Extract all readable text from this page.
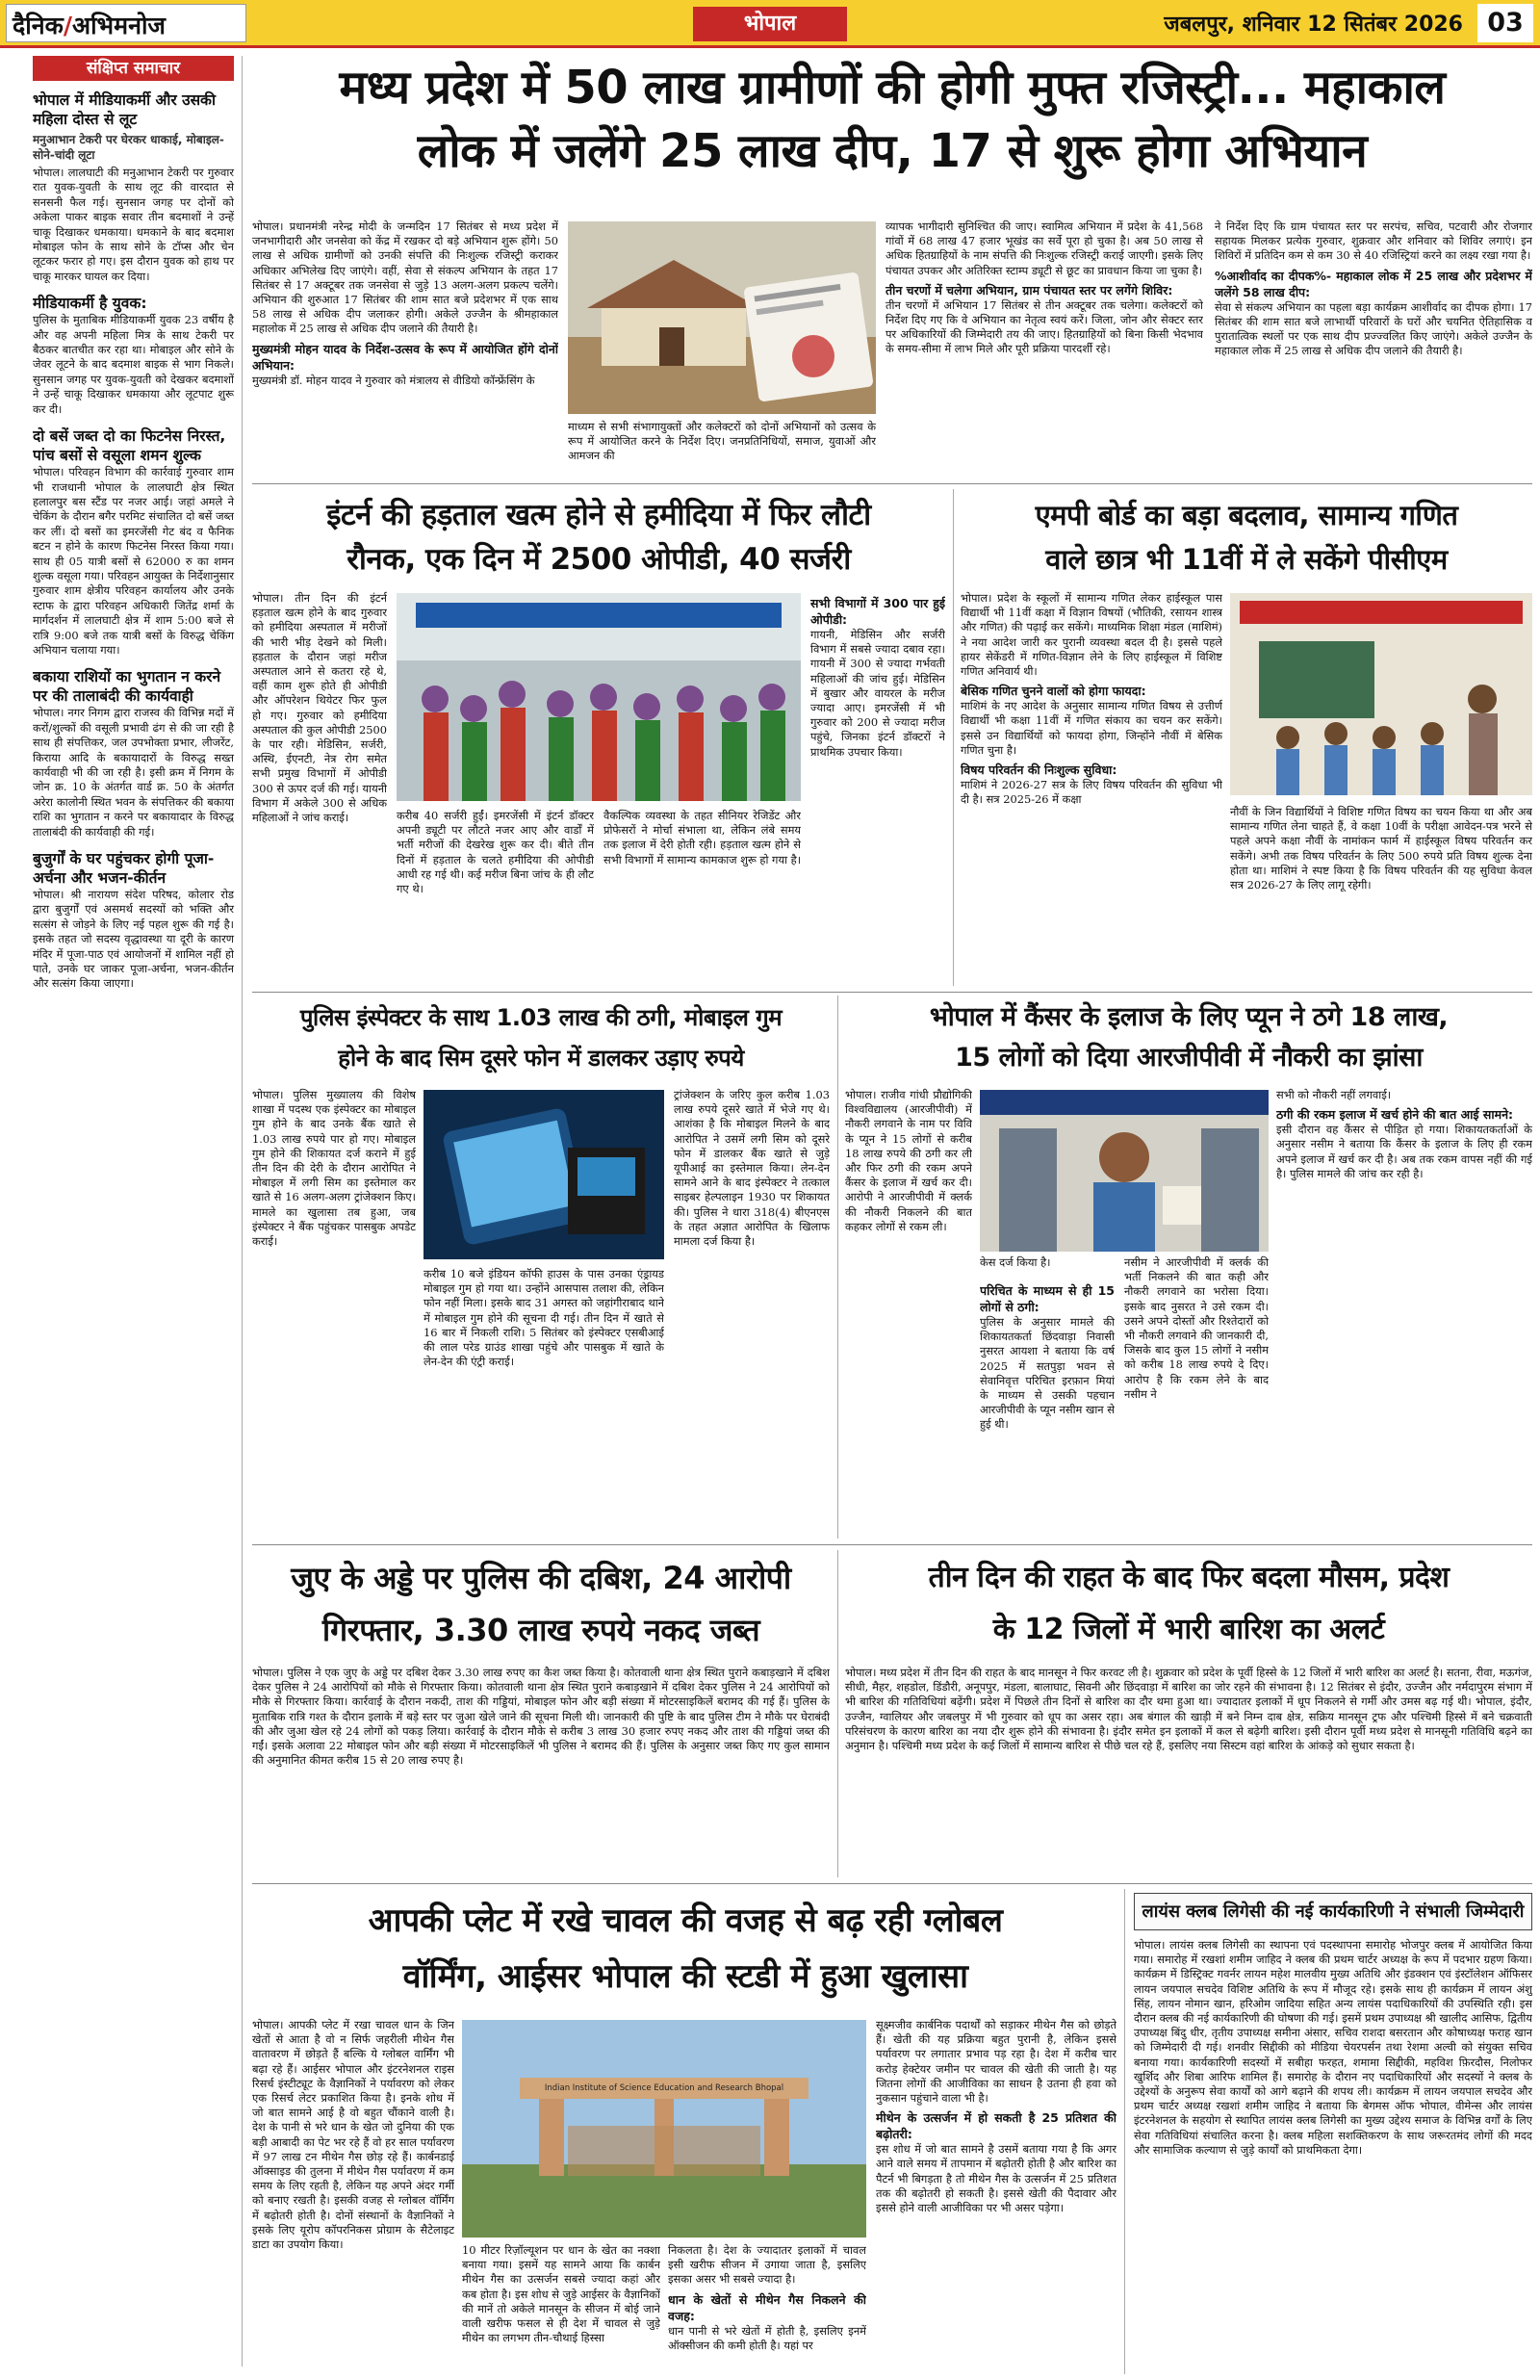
दैनिक/अभिमनोज	भोपाल	जबलपुर, शनिवार 12 सितंबर 2026 03
संक्षिप्त समाचार
भोपाल में मीडियाकर्मी और उसकी महिला दोस्त से लूट
मनुआभान टेकरी पर घेरकर धाकाई, मोबाइल-सोने-चांदी लूटा

भोपाल। लालघाटी की मनुआभान टेकरी पर गुरुवार रात युवक-युवती के साथ लूट की वारदात से सनसनी फैल गई। सुनसान जगह पर दोनों को अकेला पाकर बाइक सवार तीन बदमाशों ने उन्हें चाकू दिखाकर धमकाया। धमकाने के बाद बदमाश मोबाइल फोन के साथ सोने के टॉप्स और चेन लूटकर फरार हो गए। इस दौरान युवक को हाथ पर चाकू मारकर घायल कर दिया।

मीडियाकर्मी है युवक:

पुलिस के मुताबिक मीडियाकर्मी युवक 23 वर्षीय है और वह अपनी महिला मित्र के साथ टेकरी पर बैठकर बातचीत कर रहा था। मोबाइल और सोने के जेवर लूटने के बाद बदमाश बाइक से भाग निकले। सुनसान जगह पर युवक-युवती को देखकर बदमाशों ने उन्हें चाकू दिखाकर धमकाया और लूटपाट शुरू कर दी।

दो बसें जब्त दो का फिटनेस निरस्त, पांच बसों से वसूला शमन शुल्क

भोपाल। परिवहन विभाग की कार्रवाई गुरुवार शाम भी राजधानी भोपाल के लालघाटी क्षेत्र स्थित हलालपुर बस स्टैंड पर नजर आई। जहां अमले ने चेकिंग के दौरान बगैर परमिट संचालित दो बसें जब्त कर लीं। दो बसों का इमरजेंसी गेट बंद व फैनिक बटन न होने के कारण फिटनेस निरस्त किया गया। साथ ही 05 यात्री बसों से 62000 रु का शमन शुल्क वसूला गया। परिवहन आयुक्त के निर्देशानुसार गुरुवार शाम क्षेत्रीय परिवहन कार्यालय और उनके स्टाफ के द्वारा परिवहन अधिकारी जितेंद्र शर्मा के मार्गदर्शन में लालघाटी क्षेत्र में शाम 5:00 बजे से रात्रि 9:00 बजे तक यात्री बसों के विरुद्ध चेकिंग अभियान चलाया गया।

बकाया राशियों का भुगतान न करने पर की तालाबंदी की कार्यवाही

भोपाल। नगर निगम द्वारा राजस्व की विभिन्न मदों में करों/शुल्कों की वसूली प्रभावी ढंग से की जा रही है साथ ही संपत्तिकर, जल उपभोक्ता प्रभार, लीजरेंट, किराया आदि के बकायादारों के विरुद्ध सख्त कार्यवाही भी की जा रही है। इसी क्रम में निगम के जोन क्र. 10 के अंतर्गत वार्ड क्र. 50 के अंतर्गत अरेरा कालोनी स्थित भवन के संपत्तिकर की बकाया राशि का भुगतान न करने पर बकायादार के विरुद्ध तालाबंदी की कार्यवाही की गई।

बुजुर्गों के घर पहुंचकर होगी पूजा-अर्चना और भजन-कीर्तन

भोपाल। श्री नारायण संदेश परिषद, कोलार रोड द्वारा बुजुर्गों एवं असमर्थ सदस्यों को भक्ति और सत्संग से जोड़ने के लिए नई पहल शुरू की गई है। इसके तहत जो सदस्य वृद्धावस्था या दूरी के कारण मंदिर में पूजा-पाठ एवं आयोजनों में शामिल नहीं हो पाते, उनके घर जाकर पूजा-अर्चना, भजन-कीर्तन और सत्संग किया जाएगा।

मध्य प्रदेश में 50 लाख ग्रामीणों की होगी मुफ्त रजिस्ट्री... महाकाल
लोक में जलेंगे 25 लाख दीप, 17 से शुरू होगा अभियान

भोपाल। प्रधानमंत्री नरेन्द्र मोदी के जन्मदिन 17 सितंबर से मध्य प्रदेश में जनभागीदारी और जनसेवा को केंद्र में रखकर दो बड़े अभियान शुरू होंगे। 50 लाख से अधिक ग्रामीणों को उनकी संपत्ति की निःशुल्क रजिस्ट्री कराकर अधिकार अभिलेख दिए जाएंगे। वहीं, सेवा से संकल्प अभियान के तहत 17 सितंबर से 17 अक्टूबर तक जनसेवा से जुड़े 13 अलग-अलग प्रकल्प चलेंगे। अभियान की शुरुआत 17 सितंबर की शाम सात बजे प्रदेशभर में एक साथ 58 लाख से अधिक दीप जलाकर होगी। अकेले उज्जैन के श्रीमहाकाल महालोक में 25 लाख से अधिक दीप जलाने की तैयारी है।

मुख्यमंत्री मोहन यादव के निर्देश-उत्सव के रूप में आयोजित होंगे दोनों अभियान:

मुख्यमंत्री डॉ. मोहन यादव ने गुरुवार को मंत्रालय से वीडियो कॉन्फ्रेंसिंग के

माध्यम से सभी संभागायुक्तों और कलेक्टरों को दोनों अभियानों को उत्सव के रूप में आयोजित करने के निर्देश दिए। जनप्रतिनिधियों, समाज, युवाओं और आमजन की

व्यापक भागीदारी सुनिश्चित की जाए। स्वामित्व अभियान में प्रदेश के 41,568 गांवों में 68 लाख 47 हजार भूखंड का सर्वे पूरा हो चुका है। अब 50 लाख से अधिक हितग्राहियों के नाम संपत्ति की निःशुल्क रजिस्ट्री कराई जाएगी। इसके लिए पंचायत उपकर और अतिरिक्त स्टाम्प ड्यूटी से छूट का प्रावधान किया जा चुका है।

तीन चरणों में चलेगा अभियान, ग्राम पंचायत स्तर पर लगेंगे शिविर:

तीन चरणों में अभियान 17 सितंबर से तीन अक्टूबर तक चलेगा। कलेक्टरों को निर्देश दिए गए कि वे अभियान का नेतृत्व स्वयं करें। जिला, जोन और सेक्टर स्तर पर अधिकारियों की जिम्मेदारी तय की जाए। हितग्राहियों को बिना किसी भेदभाव के समय-सीमा में लाभ मिले और पूरी प्रक्रिया पारदर्शी रहे।

ने निर्देश दिए कि ग्राम पंचायत स्तर पर सरपंच, सचिव, पटवारी और रोजगार सहायक मिलकर प्रत्येक गुरुवार, शुक्रवार और शनिवार को शिविर लगाएं। इन शिविरों में प्रतिदिन कम से कम 30 से 40 रजिस्ट्रियां करने का लक्ष्य रखा गया है।

%आशीर्वाद का दीपक%- महाकाल लोक में 25 लाख और प्रदेशभर में जलेंगे 58 लाख दीप:

सेवा से संकल्प अभियान का पहला बड़ा कार्यक्रम आशीर्वाद का दीपक होगा। 17 सितंबर की शाम सात बजे लाभार्थी परिवारों के घरों और चयनित ऐतिहासिक व पुरातात्विक स्थलों पर एक साथ दीप प्रज्ज्वलित किए जाएंगे। अकेले उज्जैन के महाकाल लोक में 25 लाख से अधिक दीप जलाने की तैयारी है।

इंटर्न की हड़ताल खत्म होने से हमीदिया में फिर लौटी
रौनक, एक दिन में 2500 ओपीडी, 40 सर्जरी

भोपाल। तीन दिन की इंटर्न हड़ताल खत्म होने के बाद गुरुवार को हमीदिया अस्पताल में मरीजों की भारी भीड़ देखने को मिली। हड़ताल के दौरान जहां मरीज अस्पताल आने से कतरा रहे थे, वहीं काम शुरू होते ही ओपीडी और ऑपरेशन थियेटर फिर फुल हो गए। गुरुवार को हमीदिया अस्पताल की कुल ओपीडी 2500 के पार रही। मेडिसिन, सर्जरी, अस्थि, ईएनटी, नेत्र रोग समेत सभी प्रमुख विभागों में ओपीडी 300 से ऊपर दर्ज की गई। यायनी विभाग में अकेले 300 से अधिक महिलाओं ने जांच कराई।	करीब 40 सर्जरी हुईं। इमरजेंसी में इंटर्न डॉक्टर अपनी ड्यूटी पर लौटते नजर आए और वार्डों में भर्ती मरीजों की देखरेख शुरू कर दी। बीते तीन दिनों में हड़ताल के चलते हमीदिया की ओपीडी आधी रह गई थी। कई मरीज बिना जांच के ही लौट गए थे।

वैकल्पिक व्यवस्था के तहत सीनियर रेजिडेंट और प्रोफेसरों ने मोर्चा संभाला था, लेकिन लंबे समय तक इलाज में देरी होती रही। हड़ताल खत्म होने से सभी विभागों में सामान्य कामकाज शुरू हो गया है।

सभी विभागों में 300 पार हुई ओपीडी:

गायनी, मेडिसिन और सर्जरी विभाग में सबसे ज्यादा दबाव रहा। गायनी में 300 से ज्यादा गर्भवती महिलाओं की जांच हुई। मेडिसिन में बुखार और वायरल के मरीज ज्यादा आए। इमरजेंसी में भी गुरुवार को 200 से ज्यादा मरीज पहुंचे, जिनका इंटर्न डॉक्टरों ने प्राथमिक उपचार किया।

एमपी बोर्ड का बड़ा बदलाव, सामान्य गणित
वाले छात्र भी 11वीं में ले सकेंगे पीसीएम

भोपाल। प्रदेश के स्कूलों में सामान्य गणित लेकर हाईस्कूल पास विद्यार्थी भी 11वीं कक्षा में विज्ञान विषयों (भौतिकी, रसायन शास्त्र और गणित) की पढ़ाई कर सकेंगे। माध्यमिक शिक्षा मंडल (माशिमं) ने नया आदेश जारी कर पुरानी व्यवस्था बदल दी है। इससे पहले हायर सेकेंडरी में गणित-विज्ञान लेने के लिए हाईस्कूल में विशिष्ट गणित अनिवार्य थी।

बेसिक गणित चुनने वालों को होगा फायदा:

माशिमं के नए आदेश के अनुसार सामान्य गणित विषय से उत्तीर्ण विद्यार्थी भी कक्षा 11वीं में गणित संकाय का चयन कर सकेंगे। इससे उन विद्यार्थियों को फायदा होगा, जिन्होंने नौवीं में बेसिक गणित चुना है।

विषय परिवर्तन की निःशुल्क सुविधा:

माशिमं ने 2026-27 सत्र के लिए विषय परिवर्तन की सुविधा भी दी है। सत्र 2025-26 में कक्षा

नौवीं के जिन विद्यार्थियों ने विशिष्ट गणित विषय का चयन किया था और अब सामान्य गणित लेना चाहते हैं, वे कक्षा 10वीं के परीक्षा आवेदन-पत्र भरने से पहले अपने कक्षा नौवीं के नामांकन फार्म में हाईस्कूल विषय परिवर्तन कर सकेंगे। अभी तक विषय परिवर्तन के लिए 500 रुपये प्रति विषय शुल्क देना होता था। माशिमं ने स्पष्ट किया है कि विषय परिवर्तन की यह सुविधा केवल सत्र 2026-27 के लिए लागू रहेगी।

पुलिस इंस्पेक्टर के साथ 1.03 लाख की ठगी, मोबाइल गुम
होने के बाद सिम दूसरे फोन में डालकर उड़ाए रुपये

भोपाल। पुलिस मुख्यालय की विशेष शाखा में पदस्थ एक इंस्पेक्टर का मोबाइल गुम होने के बाद उनके बैंक खाते से 1.03 लाख रुपये पार हो गए। मोबाइल गुम होने की शिकायत दर्ज कराने में हुई तीन दिन की देरी के दौरान आरोपित ने मोबाइल में लगी सिम का इस्तेमाल कर खाते से 16 अलग-अलग ट्रांजेक्शन किए। मामले का खुलासा तब हुआ, जब इंस्पेक्टर ने बैंक पहुंचकर पासबुक अपडेट कराई।

करीब 10 बजे इंडियन कॉफी हाउस के पास उनका एंड्रायड मोबाइल गुम हो गया था। उन्होंने आसपास तलाश की, लेकिन फोन नहीं मिला। इसके बाद 31 अगस्त को जहांगीराबाद थाने में मोबाइल गुम होने की सूचना दी गई। तीन दिन में खाते से 16 बार में निकली राशि। 5 सितंबर को इंस्पेक्टर एसबीआई की लाल परेड ग्राउंड शाखा पहुंचे और पासबुक में खाते के लेन-देन की एंट्री कराई।

ट्रांजेक्शन के जरिए कुल करीब 1.03 लाख रुपये दूसरे खाते में भेजे गए थे। आशंका है कि मोबाइल मिलने के बाद आरोपित ने उसमें लगी सिम को दूसरे फोन में डालकर बैंक खाते से जुड़े यूपीआई का इस्तेमाल किया। लेन-देन सामने आने के बाद इंस्पेक्टर ने तत्काल साइबर हेल्पलाइन 1930 पर शिकायत की। पुलिस ने धारा 318(4) बीएनएस के तहत अज्ञात आरोपित के खिलाफ मामला दर्ज किया है।

भोपाल में कैंसर के इलाज के लिए प्यून ने ठगे 18 लाख,
15 लोगों को दिया आरजीपीवी में नौकरी का झांसा

भोपाल। राजीव गांधी प्रौद्योगिकी विश्वविद्यालय (आरजीपीवी) में नौकरी लगवाने के नाम पर विवि के प्यून ने 15 लोगों से करीब 18 लाख रुपये की ठगी कर ली और फिर ठगी की रकम अपने कैंसर के इलाज में खर्च कर दी। आरोपी ने आरजीपीवी में क्लर्क की नौकरी निकलने की बात कहकर लोगों से रकम ली।

केस दर्ज किया है।
परिचित के माध्यम से ही 15 लोगों से ठगी:

पुलिस के अनुसार मामले की शिकायतकर्ता छिंदवाड़ा निवासी नुसरत आयशा ने बताया कि वर्ष 2025 में सतपुड़ा भवन से सेवानिवृत्त परिचित इरफ़ान मियां के माध्यम से उसकी पहचान आरजीपीवी के प्यून नसीम खान से हुई थी।

नसीम ने आरजीपीवी में क्लर्क की भर्ती निकलने की बात कही और नौकरी लगवाने का भरोसा दिया। इसके बाद नुसरत ने उसे रकम दी। उसने अपने दोस्तों और रिश्तेदारों को भी नौकरी लगवाने की जानकारी दी, जिसके बाद कुल 15 लोगों ने नसीम को करीब 18 लाख रुपये दे दिए। आरोप है कि रकम लेने के बाद नसीम ने

सभी को नौकरी नहीं लगवाई।

ठगी की रकम इलाज में खर्च होने की बात आई सामने:

इसी दौरान वह कैंसर से पीड़ित हो गया। शिकायतकर्ताओं के अनुसार नसीम ने बताया कि कैंसर के इलाज के लिए ही रकम अपने इलाज में खर्च कर दी है। अब तक रकम वापस नहीं की गई है। पुलिस मामले की जांच कर रही है।

जुए के अड्डे पर पुलिस की दबिश, 24 आरोपी
गिरफ्तार, 3.30 लाख रुपये नकद जब्त

भोपाल। पुलिस ने एक जुए के अड्डे पर दबिश देकर 3.30 लाख रुपए का कैश जब्त किया है। कोतवाली थाना क्षेत्र स्थित पुराने कबाड़खाने में दबिश देकर पुलिस ने 24 आरोपियों को मौके से गिरफ्तार किया। कोतवाली थाना क्षेत्र स्थित पुराने कबाड़खाने में दबिश देकर पुलिस ने 24 आरोपियों को मौके से गिरफ्तार किया। कार्रवाई के दौरान नकदी, ताश की गड्डियां, मोबाइल फोन और बड़ी संख्या में मोटरसाइकिलें बरामद की गई हैं। पुलिस के मुताबिक रात्रि गश्त के दौरान इलाके में बड़े स्तर पर जुआ खेले जाने की सूचना मिली थी। जानकारी की पुष्टि के बाद पुलिस टीम ने मौके पर घेराबंदी की और जुआ खेल रहे 24 लोगों को पकड़ लिया। कार्रवाई के दौरान मौके से करीब 3 लाख 30 हजार रुपए नकद और ताश की गड्डियां जब्त की गईं। इसके अलावा 22 मोबाइल फोन और बड़ी संख्या में मोटरसाइकिलें भी पुलिस ने बरामद की हैं। पुलिस के अनुसार जब्त किए गए कुल सामान की अनुमानित कीमत करीब 15 से 20 लाख रुपए है।

तीन दिन की राहत के बाद फिर बदला मौसम, प्रदेश
के 12 जिलों में भारी बारिश का अलर्ट

भोपाल। मध्य प्रदेश में तीन दिन की राहत के बाद मानसून ने फिर करवट ली है। शुक्रवार को प्रदेश के पूर्वी हिस्से के 12 जिलों में भारी बारिश का अलर्ट है। सतना, रीवा, मऊगंज, सीधी, मैहर, शहडोल, डिंडौरी, अनूपपुर, मंडला, बालाघाट, सिवनी और छिंदवाड़ा में बारिश का जोर रहने की संभावना है। 12 सितंबर से इंदौर, उज्जैन और नर्मदापुरम संभाग में भी बारिश की गतिविधियां बढ़ेंगी। प्रदेश में पिछले तीन दिनों से बारिश का दौर थमा हुआ था। ज्यादातर इलाकों में धूप निकलने से गर्मी और उमस बढ़ गई थी। भोपाल, इंदौर, उज्जैन, ग्वालियर और जबलपुर में भी गुरुवार को धूप का असर रहा। अब बंगाल की खाड़ी में बने निम्न दाब क्षेत्र, सक्रिय मानसून ट्रफ और पश्चिमी हिस्से में बने चक्रवाती परिसंचरण के कारण बारिश का नया दौर शुरू होने की संभावना है। इंदौर समेत इन इलाकों में कल से बढ़ेगी बारिश। इसी दौरान पूर्वी मध्य प्रदेश से मानसूनी गतिविधि बढ़ने का अनुमान है। पश्चिमी मध्य प्रदेश के कई जिलों में सामान्य बारिश से पीछे चल रहे हैं, इसलिए नया सिस्टम वहां बारिश के आंकड़े को सुधार सकता है।

आपकी प्लेट में रखे चावल की वजह से बढ़ रही ग्लोबल
वॉर्मिंग, आईसर भोपाल की स्टडी में हुआ खुलासा

भोपाल। आपकी प्लेट में रखा चावल धान के जिन खेतों से आता है वो न सिर्फ जहरीली मीथेन गैस वातावरण में छोड़ते हैं बल्कि ये ग्लोबल वार्मिंग भी बढ़ा रहे हैं। आईसर भोपाल और इंटरनेशनल राइस रिसर्च इंस्टीट्यूट के वैज्ञानिकों ने पर्यावरण को लेकर एक रिसर्च लेटर प्रकाशित किया है। इनके शोध में जो बात सामने आई है वो बहुत चौंकाने वाली है। देश के पानी से भरे धान के खेत जो दुनिया की एक बड़ी आबादी का पेट भर रहे हैं वो हर साल पर्यावरण में 97 लाख टन मीथेन गैस छोड़ रहे हैं। कार्बनडाई ऑक्साइड की तुलना में मीथेन गैस पर्यावरण में कम समय के लिए रहती है, लेकिन यह अपने अंदर गर्मी को बनाए रखती है। इसकी वजह से ग्लोबल वॉर्मिंग में बढ़ोतरी होती है। दोनों संस्थानों के वैज्ञानिकों ने इसके लिए यूरोप कॉपरनिकस प्रोग्राम के सैटेलाइट डाटा का उपयोग किया।

Indian Institute of Science Education and Research Bhopal

10 मीटर रिज़ॉल्यूशन पर धान के खेत का नक्शा बनाया गया। इसमें यह सामने आया कि कार्बन मीथेन गैस का उत्सर्जन सबसे ज्यादा कहां और कब होता है। इस शोध से जुड़े आईसर के वैज्ञानिकों की मानें तो अकेले मानसून के सीजन में बोई जाने वाली खरीफ फसल से ही देश में चावल से जुड़े मीथेन का लगभग तीन-चौथाई हिस्सा

निकलता है। देश के ज्यादातर इलाकों में चावल इसी खरीफ सीजन में उगाया जाता है, इसलिए इसका असर भी सबसे ज्यादा है।

धान के खेतों से मीथेन गैस निकलने की वजह:

धान पानी से भरे खेतों में होती है, इसलिए इनमें ऑक्सीजन की कमी होती है। यहां पर

सूक्ष्मजीव कार्बनिक पदार्थों को सड़ाकर मीथेन गैस को छोड़ते हैं। खेती की यह प्रक्रिया बहुत पुरानी है, लेकिन इससे पर्यावरण पर लगातार प्रभाव पड़ रहा है। देश में करीब चार करोड़ हेक्टेयर जमीन पर चावल की खेती की जाती है। यह जितना लोगों की आजीविका का साधन है उतना ही हवा को नुकसान पहुंचाने वाला भी है।

मीथेन के उत्सर्जन में हो सकती है 25 प्रतिशत की बढ़ोतरी:

इस शोध में जो बात सामने है उसमें बताया गया है कि अगर आने वाले समय में तापमान में बढ़ोतरी होती है और बारिश का पैटर्न भी बिगड़ता है तो मीथेन गैस के उत्सर्जन में 25 प्रतिशत तक की बढ़ोतरी हो सकती है। इससे खेती की पैदावार और इससे होने वाली आजीविका पर भी असर पड़ेगा।

लायंस क्लब लिगेसी की नई कार्यकारिणी ने संभाली जिम्मेदारी

भोपाल। लायंस क्लब लिगेसी का स्थापना एवं पदस्थापना समारोह भोजपुर क्लब में आयोजित किया गया। समारोह में रखशां शमीम जाहिद ने क्लब की प्रथम चार्टर अध्यक्ष के रूप में पदभार ग्रहण किया। कार्यक्रम में डिस्ट्रिक्ट गवर्नर लायन महेश मालवीय मुख्य अतिथि और इंडक्शन एवं इंस्टॉलेशन ऑफिसर लायन जयपाल सचदेव विशिष्ट अतिथि के रूप में मौजूद रहे। इसके साथ ही कार्यक्रम में लायन अंशु सिंह, लायन नोमान खान, हरिओम जादिया सहित अन्य लायंस पदाधिकारियों की उपस्थिति रही। इस दौरान क्लब की नई कार्यकारिणी की घोषणा की गई। इसमें प्रथम उपाध्यक्ष श्री खालीद आसिफ, द्वितीय उपाध्यक्ष बिंदु धीर, तृतीय उपाध्यक्ष समीना अंसार, सचिव राशदा बसरतान और कोषाध्यक्ष फराह खान को जिम्मेदारी दी गई। शनवीर सिद्दीकी को मीडिया चेयरपर्सन तथा रेशमा अल्वी को संयुक्त सचिव बनाया गया। कार्यकारिणी सदस्यों में सबीहा फरहत, शमामा सिद्दीकी, महविश फ़िरदौस, निलोफर खुर्शिद और शिबा आरिफ शामिल हैं। समारोह के दौरान नए पदाधिकारियों और सदस्यों ने क्लब के उद्देश्यों के अनुरूप सेवा कार्यों को आगे बढ़ाने की शपथ ली। कार्यक्रम में लायन जयपाल सचदेव और प्रथम चार्टर अध्यक्ष रखशां शमीम जाहिद ने बताया कि बेगमस ऑफ भोपाल, वीमेन्स और लायंस इंटरनेशनल के सहयोग से स्थापित लायंस क्लब लिगेसी का मुख्य उद्देश्य समाज के विभिन्न वर्गों के लिए सेवा गतिविधियां संचालित करना है। क्लब महिला सशक्तिकरण के साथ जरूरतमंद लोगों की मदद और सामाजिक कल्याण से जुड़े कार्यों को प्राथमिकता देगा।
